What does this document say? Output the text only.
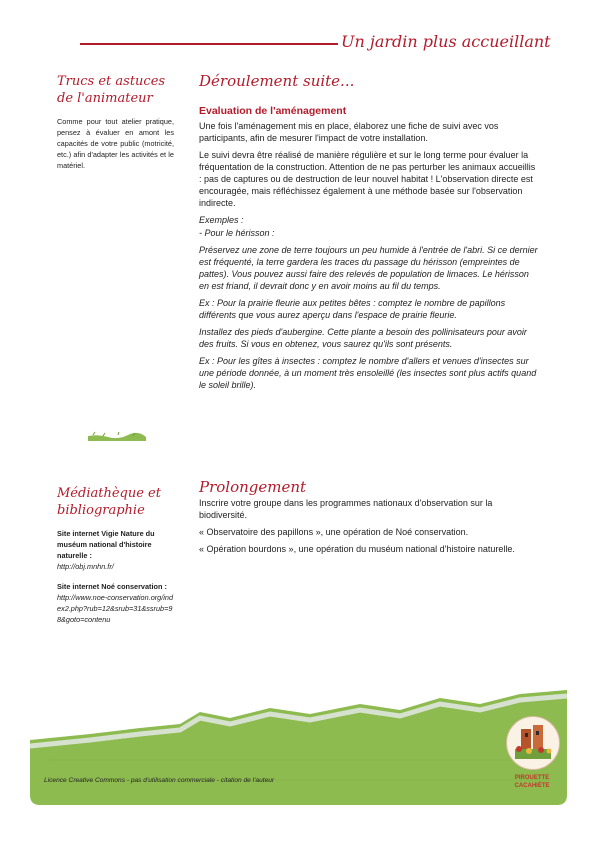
Un jardin plus accueillant
Trucs et astuces de l'animateur

Comme pour tout atelier pratique, pensez à évaluer en amont les capacités de votre public (motricité, etc.) afin d'adapter les activités et le matériel.

Médiathèque et bibliographie

Site internet Vigie Nature du muséum national d'histoire naturelle :

http://obj.mnhn.fr/

Site internet Noé conservation :

http://www.noe-conservation.org/index2.php?rub=12&srub=31&ssrub=98&goto=contenu

Déroulement suite...
Evaluation de l'aménagement

Une fois l'aménagement mis en place, élaborez une fiche de suivi avec vos participants, afin de mesurer l'impact de votre installation.

Le suivi devra être réalisé de manière régulière et sur le long terme pour évaluer la fréquentation de la construction. Attention de ne pas perturber les animaux accueillis : pas de captures ou de destruction de leur nouvel habitat ! L'observation directe est encouragée, mais réfléchissez également à une méthode basée sur l'observation indirecte.

Exemples :

- Pour le hérisson :

Préservez une zone de terre toujours un peu humide à l'entrée de l'abri. Si ce dernier est fréquenté, la terre gardera les traces du passage du hérisson (empreintes de pattes). Vous pouvez aussi faire des relevés de population de limaces. Le hérisson en est friand, il devrait donc y en avoir moins au fil du temps.

Ex : Pour la prairie fleurie aux petites bêtes : comptez le nombre de papillons différents que vous aurez aperçu dans l'espace de prairie fleurie.

Installez des pieds d'aubergine. Cette plante a besoin des pollinisateurs pour avoir des fruits. Si vous en obtenez, vous saurez qu'ils sont présents.

Ex : Pour les gîtes à insectes : comptez le nombre d'allers et venues d'insectes sur une période donnée, à un moment très ensoleillé (les insectes sont plus actifs quand le soleil brille).

Prolongement

Inscrire votre groupe dans les programmes nationaux d'observation sur la biodiversité.

« Observatoire des papillons », une opération de Noé conservation.

« Opération bourdons », une opération du muséum national d'histoire naturelle.

PIROUETTE
CACAHIÈTE
Licence Creative Commons - pas d'utilisation commerciale - citation de l'auteur
